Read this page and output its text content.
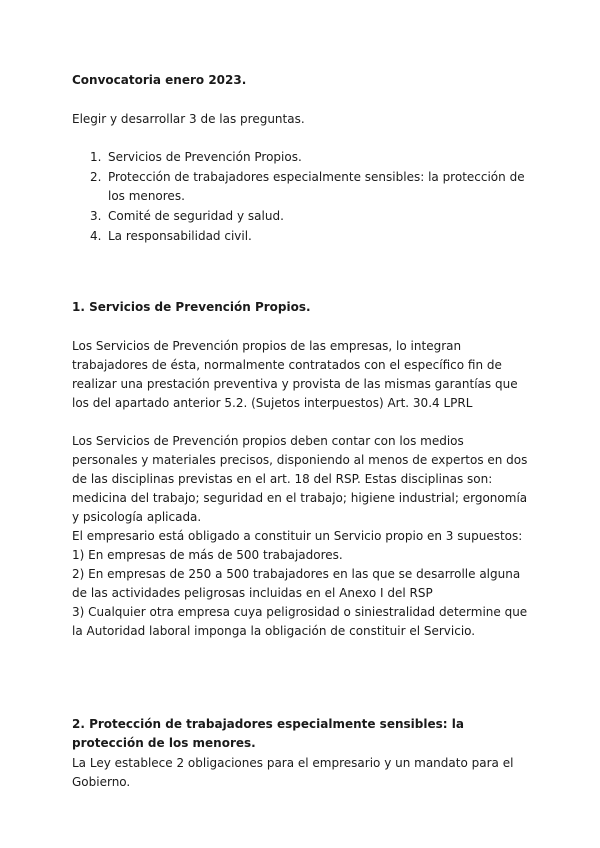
Convocatoria enero 2023.

Elegir y desarrollar 3 de las preguntas.

1. Servicios de Prevención Propios.
2. Protección de trabajadores especialmente sensibles: la protección de los menores.
3. Comité de seguridad y salud.
4. La responsabilidad civil.

1. Servicios de Prevención Propios.

Los Servicios de Prevención propios de las empresas, lo integran trabajadores de ésta, normalmente contratados con el específico fin de realizar una prestación preventiva y provista de las mismas garantías que los del apartado anterior 5.2. (Sujetos interpuestos) Art. 30.4 LPRL

Los Servicios de Prevención propios deben contar con los medios personales y materiales precisos, disponiendo al menos de expertos en dos de las disciplinas previstas en el art. 18 del RSP. Estas disciplinas son: medicina del trabajo; seguridad en el trabajo; higiene industrial; ergonomía y psicología aplicada.

El empresario está obligado a constituir un Servicio propio en 3 supuestos:

1) En empresas de más de 500 trabajadores.

2) En empresas de 250 a 500 trabajadores en las que se desarrolle alguna de las actividades peligrosas incluidas en el Anexo I del RSP

3) Cualquier otra empresa cuya peligrosidad o siniestralidad determine que la Autoridad laboral imponga la obligación de constituir el Servicio.

2. Protección de trabajadores especialmente sensibles: la protección de los menores.

La Ley establece 2 obligaciones para el empresario y un mandato para el Gobierno.
